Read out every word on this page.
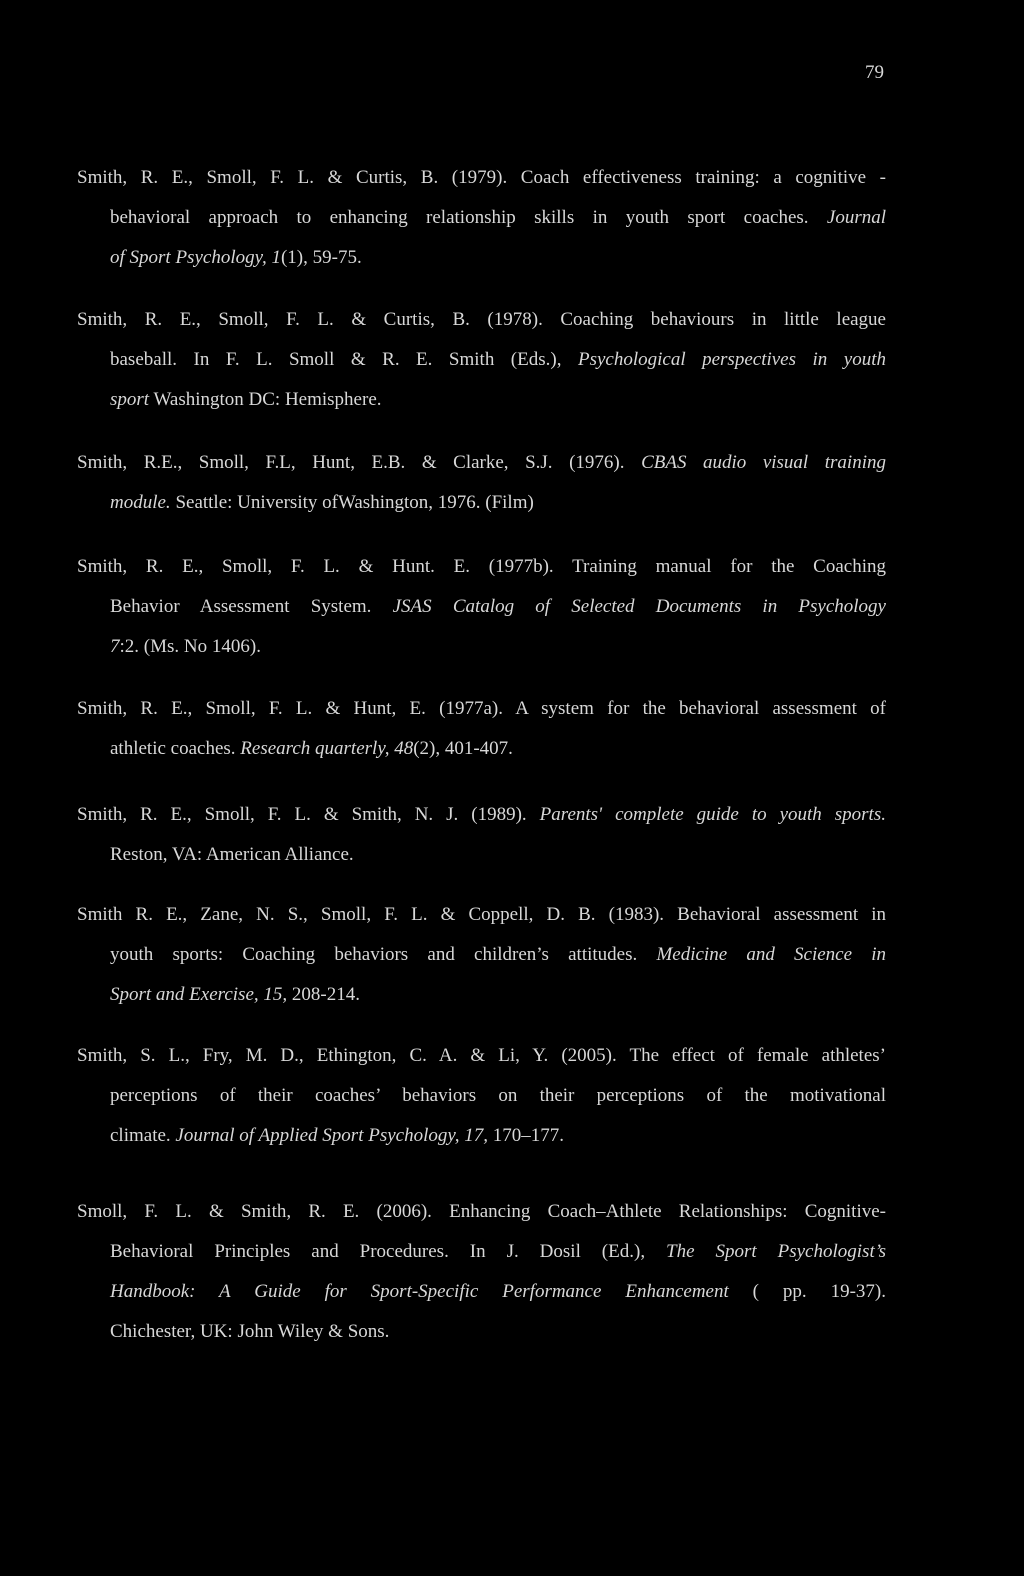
79
Smith, R. E., Smoll, F. L. & Curtis, B. (1979). Coach effectiveness training: a cognitive -
behavioral approach to enhancing relationship skills in youth sport coaches. Journal
of Sport Psychology, 1(1), 59-75.
Smith, R. E., Smoll, F. L. & Curtis, B. (1978). Coaching behaviours in little league
baseball. In F. L. Smoll & R. E. Smith (Eds.), Psychological perspectives in youth
sport Washington DC: Hemisphere.
Smith, R.E., Smoll, F.L, Hunt, E.B. & Clarke, S.J. (1976). CBAS audio visual training
module. Seattle: University ofWashington, 1976. (Film)
Smith, R. E., Smoll, F. L. & Hunt. E. (1977b). Training manual for the Coaching
Behavior Assessment System. JSAS Catalog of Selected Documents in Psychology
7:2. (Ms. No 1406).
Smith, R. E., Smoll, F. L. & Hunt, E. (1977a). A system for the behavioral assessment of
athletic coaches. Research quarterly, 48(2), 401-407.
Smith, R. E., Smoll, F. L. & Smith, N. J. (1989). Parents' complete guide to youth sports.
Reston, VA: American Alliance.
Smith R. E., Zane, N. S., Smoll, F. L. & Coppell, D. B. (1983). Behavioral assessment in
youth sports: Coaching behaviors and children’s attitudes. Medicine and Science in
Sport and Exercise, 15, 208-214.
Smith, S. L., Fry, M. D., Ethington, C. A. & Li, Y. (2005). The effect of female athletes’
perceptions of their coaches’ behaviors on their perceptions of the motivational
climate. Journal of Applied Sport Psychology, 17, 170–177.
Smoll, F. L. & Smith, R. E. (2006). Enhancing Coach–Athlete Relationships: Cognitive-
Behavioral Principles and Procedures. In J. Dosil (Ed.), The Sport Psychologist’s
Handbook: A Guide for Sport-Specific Performance Enhancement ( pp. 19-37).
Chichester, UK: John Wiley & Sons.
